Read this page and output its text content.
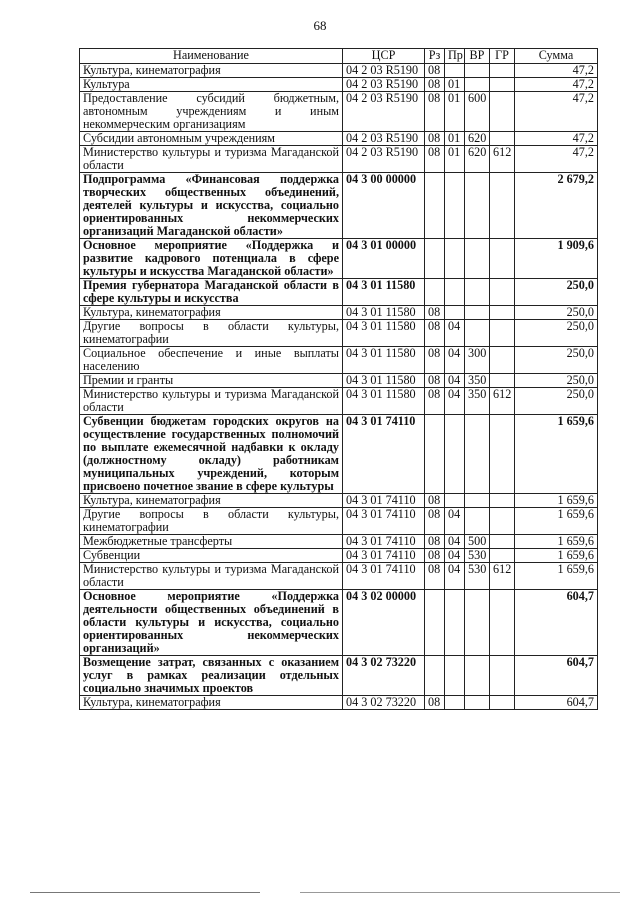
68
Наименование	ЦСР	Рз	Пр	ВР	ГР	Сумма
Культура, кинематография	04 2 03 R5190	08				47,2
Культура	04 2 03 R5190	08	01			47,2
Предоставление субсидий бюджетным, автономным учреждениям и иным некоммерческим организациям	04 2 03 R5190	08	01	600		47,2
Субсидии автономным учреждениям	04 2 03 R5190	08	01	620		47,2
Министерство культуры и туризма Магаданской области	04 2 03 R5190	08	01	620	612	47,2
Подпрограмма «Финансовая поддержка творческих общественных объединений, деятелей культуры и искусства, социально ориентированных некоммерческих организаций Магаданской области»	04 3 00 00000					2 679,2
Основное мероприятие «Поддержка и развитие кадрового потенциала в сфере культуры и искусства Магаданской области»	04 3 01 00000					1 909,6
Премия губернатора Магаданской области в сфере культуры и искусства	04 3 01 11580					250,0
Культура, кинематография	04 3 01 11580	08				250,0
Другие вопросы в области культуры, кинематографии	04 3 01 11580	08	04			250,0
Социальное обеспечение и иные выплаты населению	04 3 01 11580	08	04	300		250,0
Премии и гранты	04 3 01 11580	08	04	350		250,0
Министерство культуры и туризма Магаданской области	04 3 01 11580	08	04	350	612	250,0
Субвенции бюджетам городских округов на осуществление государственных полномочий по выплате ежемесячной надбавки к окладу (должностному окладу) работникам муниципальных учреждений, которым присвоено почетное звание в сфере культуры	04 3 01 74110					1 659,6
Культура, кинематография	04 3 01 74110	08				1 659,6
Другие вопросы в области культуры, кинематографии	04 3 01 74110	08	04			1 659,6
Межбюджетные трансферты	04 3 01 74110	08	04	500		1 659,6
Субвенции	04 3 01 74110	08	04	530		1 659,6
Министерство культуры и туризма Магаданской области	04 3 01 74110	08	04	530	612	1 659,6
Основное мероприятие «Поддержка деятельности общественных объединений в области культуры и искусства, социально ориентированных некоммерческих организаций»	04 3 02 00000					604,7
Возмещение затрат, связанных с оказанием услуг в рамках реализации отдельных социально значимых проектов	04 3 02 73220					604,7
Культура, кинематография	04 3 02 73220	08				604,7
